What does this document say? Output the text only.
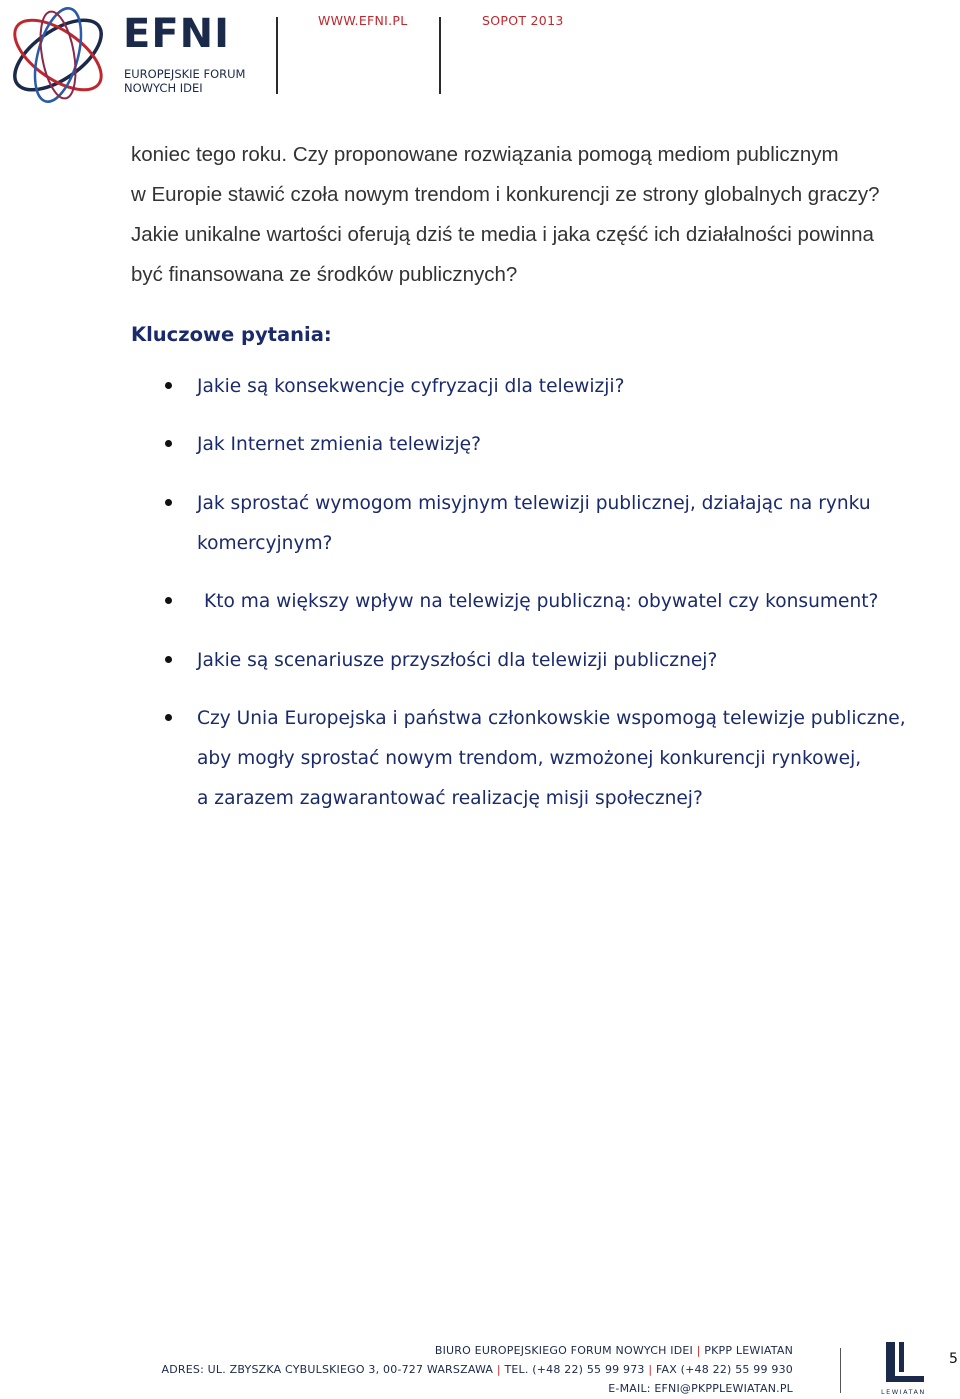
EFNI
EUROPEJSKIE FORUM
NOWYCH IDEI
WWW.EFNI.PL	SOPOT 2013

koniec tego roku. Czy proponowane rozwiązania pomogą mediom publicznym

w Europie stawić czoła nowym trendom i konkurencji ze strony globalnych graczy?

Jakie unikalne wartości oferują dziś te media i jaka część ich działalności powinna

być finansowana ze środków publicznych?

Kluczowe pytania:
Jakie są konsekwencje cyfryzacji dla telewizji?
Jak Internet zmienia telewizję?
Jak sprostać wymogom misyjnym telewizji publicznej, działając na rynku
komercyjnym?
Kto ma większy wpływ na telewizję publiczną: obywatel czy konsument?
Jakie są scenariusze przyszłości dla telewizji publicznej?
Czy Unia Europejska i państwa członkowskie wspomogą telewizje publiczne,
aby mogły sprostać nowym trendom, wzmożonej konkurencji rynkowej,
a zarazem zagwarantować realizację misji społecznej?
BIURO EUROPEJSKIEGO FORUM NOWYCH IDEI | PKPP LEWIATAN
ADRES: UL. ZBYSZKA CYBULSKIEGO 3, 00-727 WARSZAWA | TEL. (+48 22) 55 99 973 | FAX (+48 22) 55 99 930
E-MAIL: EFNI@PKPPLEWIATAN.PL	LEWIATAN
5
